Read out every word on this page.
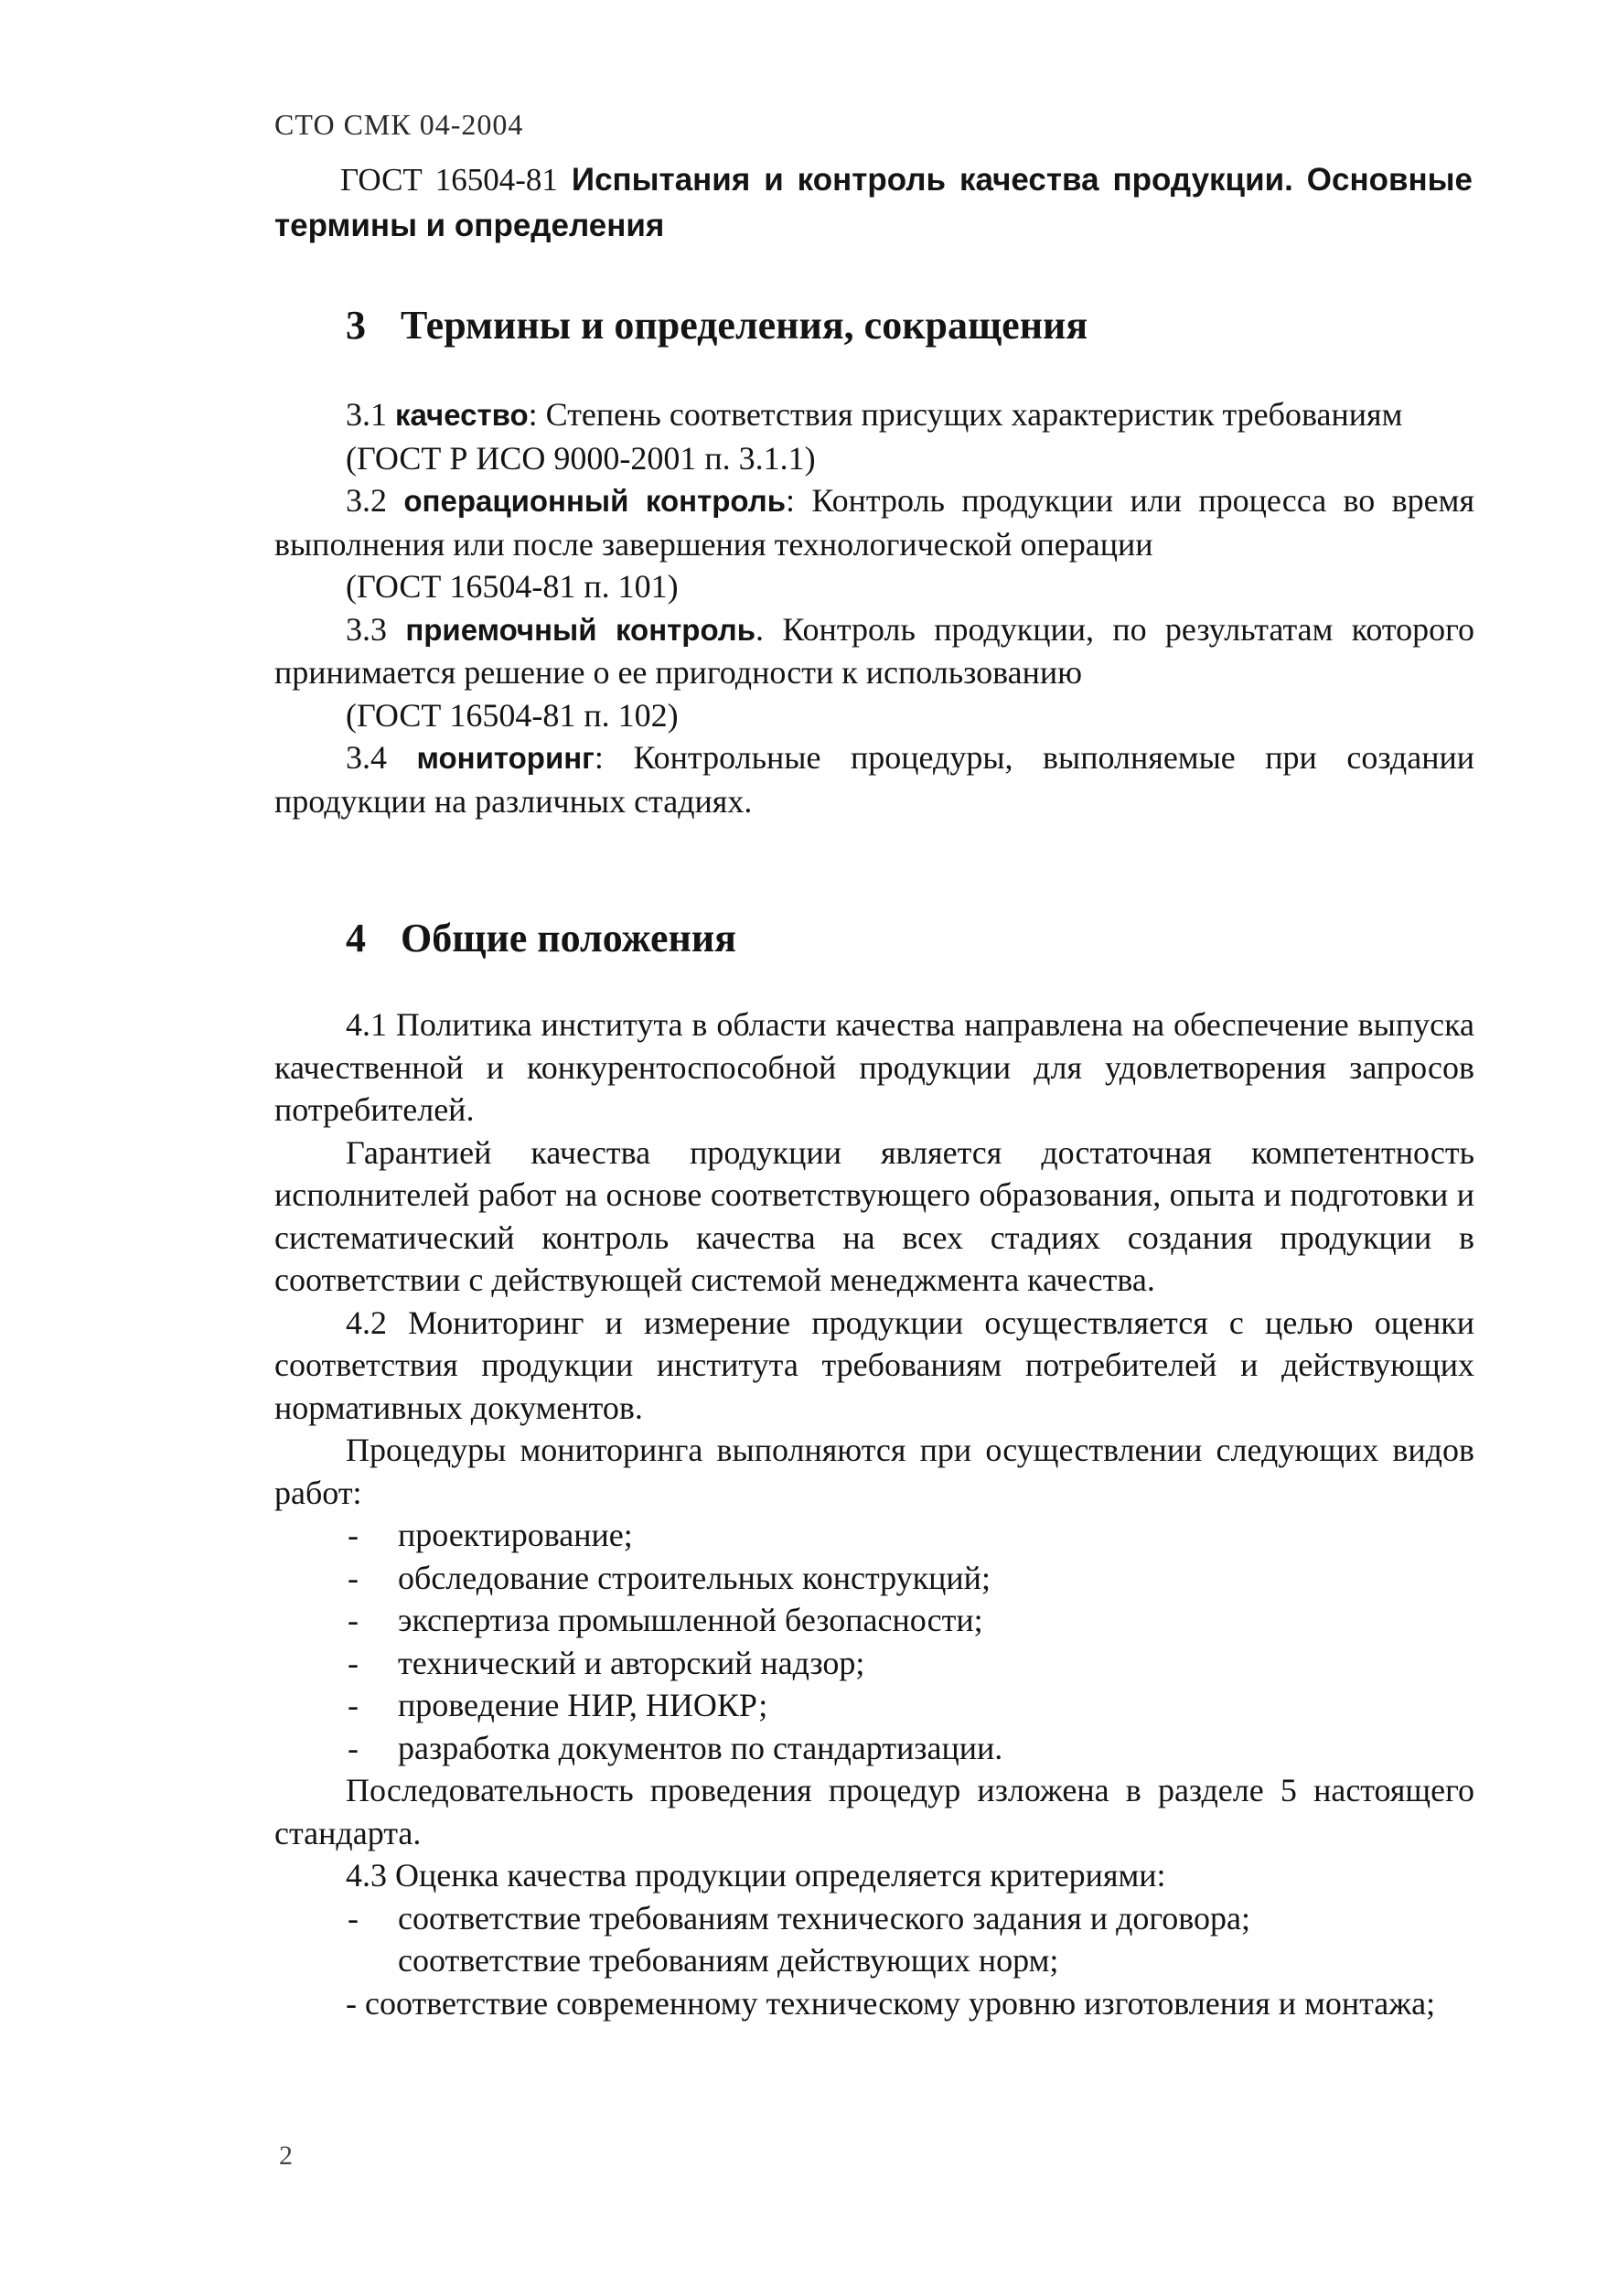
СТО СМК 04-2004
ГОСТ 16504-81 Испытания и контроль качества продукции. Основные термины и определения
3 Термины и определения, сокращения

3.1 качество: Степень соответствия присущих характеристик требованиям

(ГОСТ Р ИСО 9000-2001 п. 3.1.1)

3.2 операционный контроль: Контроль продукции или процесса во время выполнения или после завершения технологической операции

(ГОСТ 16504-81 п. 101)

3.3 приемочный контроль. Контроль продукции, по результатам которого принимается решение о ее пригодности к использованию

(ГОСТ 16504-81 п. 102)

3.4 мониторинг: Контрольные процедуры, выполняемые при создании продукции на различных стадиях.

4 Общие положения

4.1 Политика института в области качества направлена на обеспечение выпуска качественной и конкурентоспособной продукции для удовлетворения запросов потребителей.

Гарантией качества продукции является достаточная компетентность исполнителей работ на основе соответствующего образования, опыта и подготовки и систематический контроль качества на всех стадиях создания продукции в соответствии с действующей системой менеджмента качества.

4.2 Мониторинг и измерение продукции осуществляется с целью оценки соответствия продукции института требованиям потребителей и действующих нормативных документов.

Процедуры мониторинга выполняются при осуществлении следующих видов работ:

- проектирование;
- обследование строительных конструкций;
- экспертиза промышленной безопасности;
- технический и авторский надзор;
- проведение НИР, НИОКР;
- разработка документов по стандартизации.

Последовательность проведения процедур изложена в разделе 5 настоящего стандарта.

4.3 Оценка качества продукции определяется критериями:

- соответствие требованиям технического задания и договора;
соответствие требованиям действующих норм;

- соответствие современному техническому уровню изготовления и монтажа;

2
